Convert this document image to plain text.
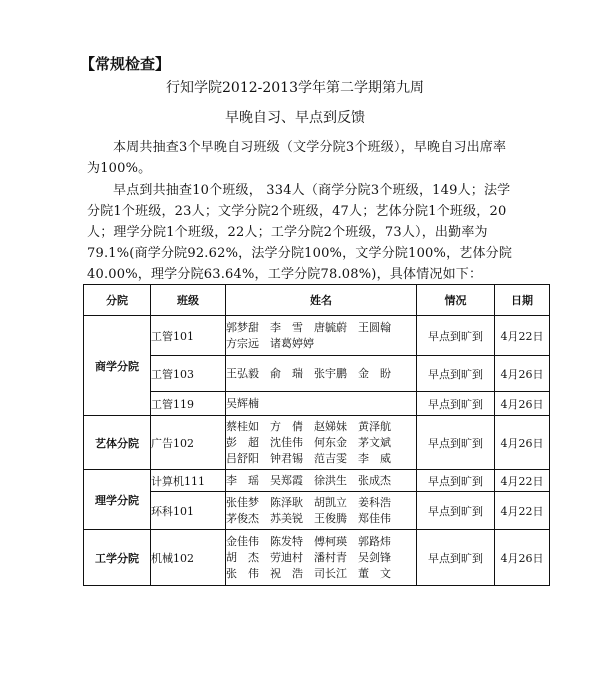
【常规检查】
行知学院2012-2013学年第二学期第九周
早晚自习、早点到反馈

本周共抽查3个早晚自习班级（文学分院3个班级），早晚自习出席率为100%。

早点到共抽查10个班级， 334人（商学分院3个班级，149人；法学分院1个班级，23人；文学分院2个班级，47人；艺体分院1个班级，20人；理学分院1个班级，22人；工学分院2个班级，73人），出勤率为79.1%(商学分院92.62%，法学分院100%，文学分院100%，艺体分院40.00%，理学分院63.64%，工学分院78.08%)，具体情况如下：

分院	班级	姓名	情况	日期
商学分院	工管101	郭梦甜　李　雪　唐毓蔚　王圆翰
方宗远　诸葛婷婷	早点到旷到	4月22日
	工管103	王弘毅　俞　瑞　张宇鹏　金　盼	早点到旷到	4月26日
	工管119	吴辉楠	早点到旷到	4月26日
艺体分院	广告102	蔡桂如　方　倩　赵娣妹　黄泽航
彭　超　沈佳伟　何东金　茅文斌
吕舒阳　钟君锡　范吉雯　李　威	早点到旷到	4月26日
理学分院	计算机111	李　瑶　吴郑霞　徐洪生　张成杰	早点到旷到	4月22日
	环科101	张佳梦　陈泽耿　胡凯立　姜科浩
茅俊杰　苏美锐　王俊腾　郑佳伟	早点到旷到	4月22日
工学分院	机械102	金佳伟　陈发特　傅柯瑛　郭路炜
胡　杰　劳迪村　潘村青　吴剑锋
张　伟　祝　浩　司长江　董　文	早点到旷到	4月26日
